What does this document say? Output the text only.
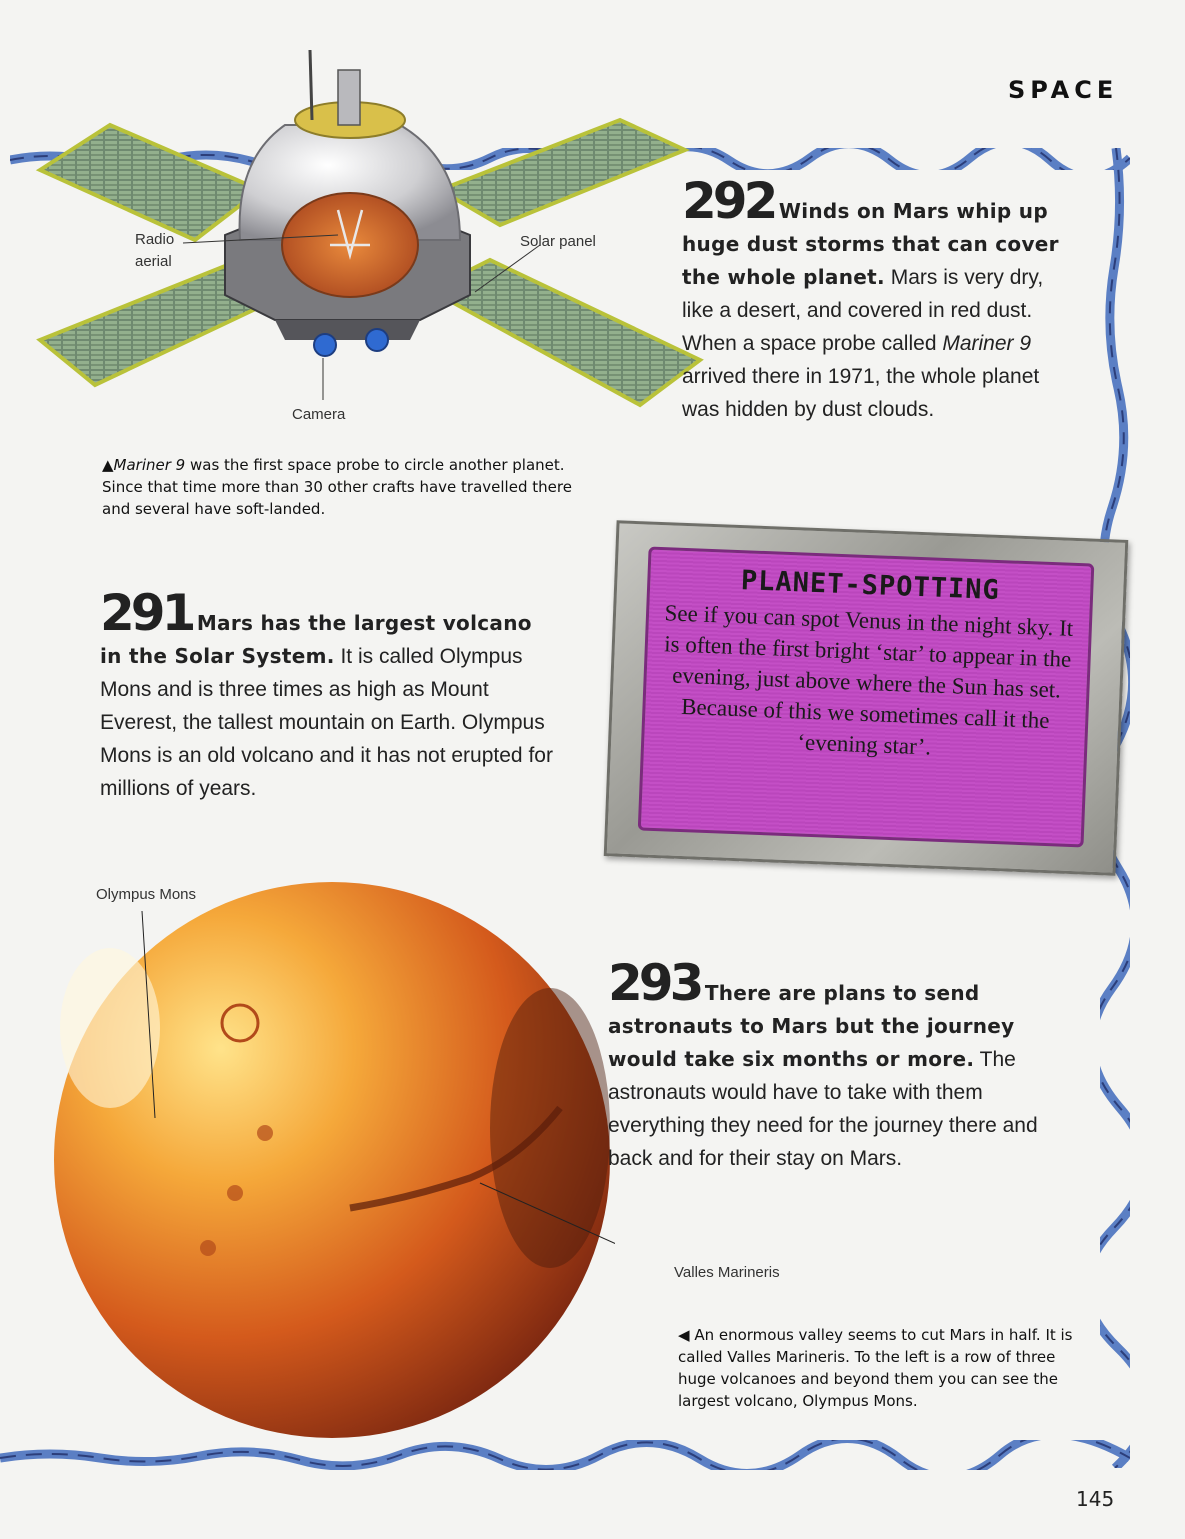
SPACE
Radio
aerial
Solar panel
Camera
▲Mariner 9 was the first space probe to circle another planet. Since that time more than 30 other crafts have travelled there and several have soft-landed.

292 Winds on Mars whip up huge dust storms that can cover the whole planet. Mars is very dry, like a desert, and covered in red dust. When a space probe called Mariner 9 arrived there in 1971, the whole planet was hidden by dust clouds.

291 Mars has the largest volcano in the Solar System. It is called Olympus Mons and is three times as high as Mount Everest, the tallest mountain on Earth. Olympus Mons is an old volcano and it has not erupted for millions of years.

PLANET-SPOTTING
See if you can spot Venus in the night sky. It is often the first bright ‘star’ to appear in the evening, just above where the Sun has set. Because of this we sometimes call it the ‘evening star’.
Olympus Mons
Valles Marineris

293 There are plans to send astronauts to Mars but the journey would take six months or more. The astronauts would have to take with them everything they need for the journey there and back and for their stay on Mars.

◀ An enormous valley seems to cut Mars in half. It is called Valles Marineris. To the left is a row of three huge volcanoes and beyond them you can see the largest volcano, Olympus Mons.
145
